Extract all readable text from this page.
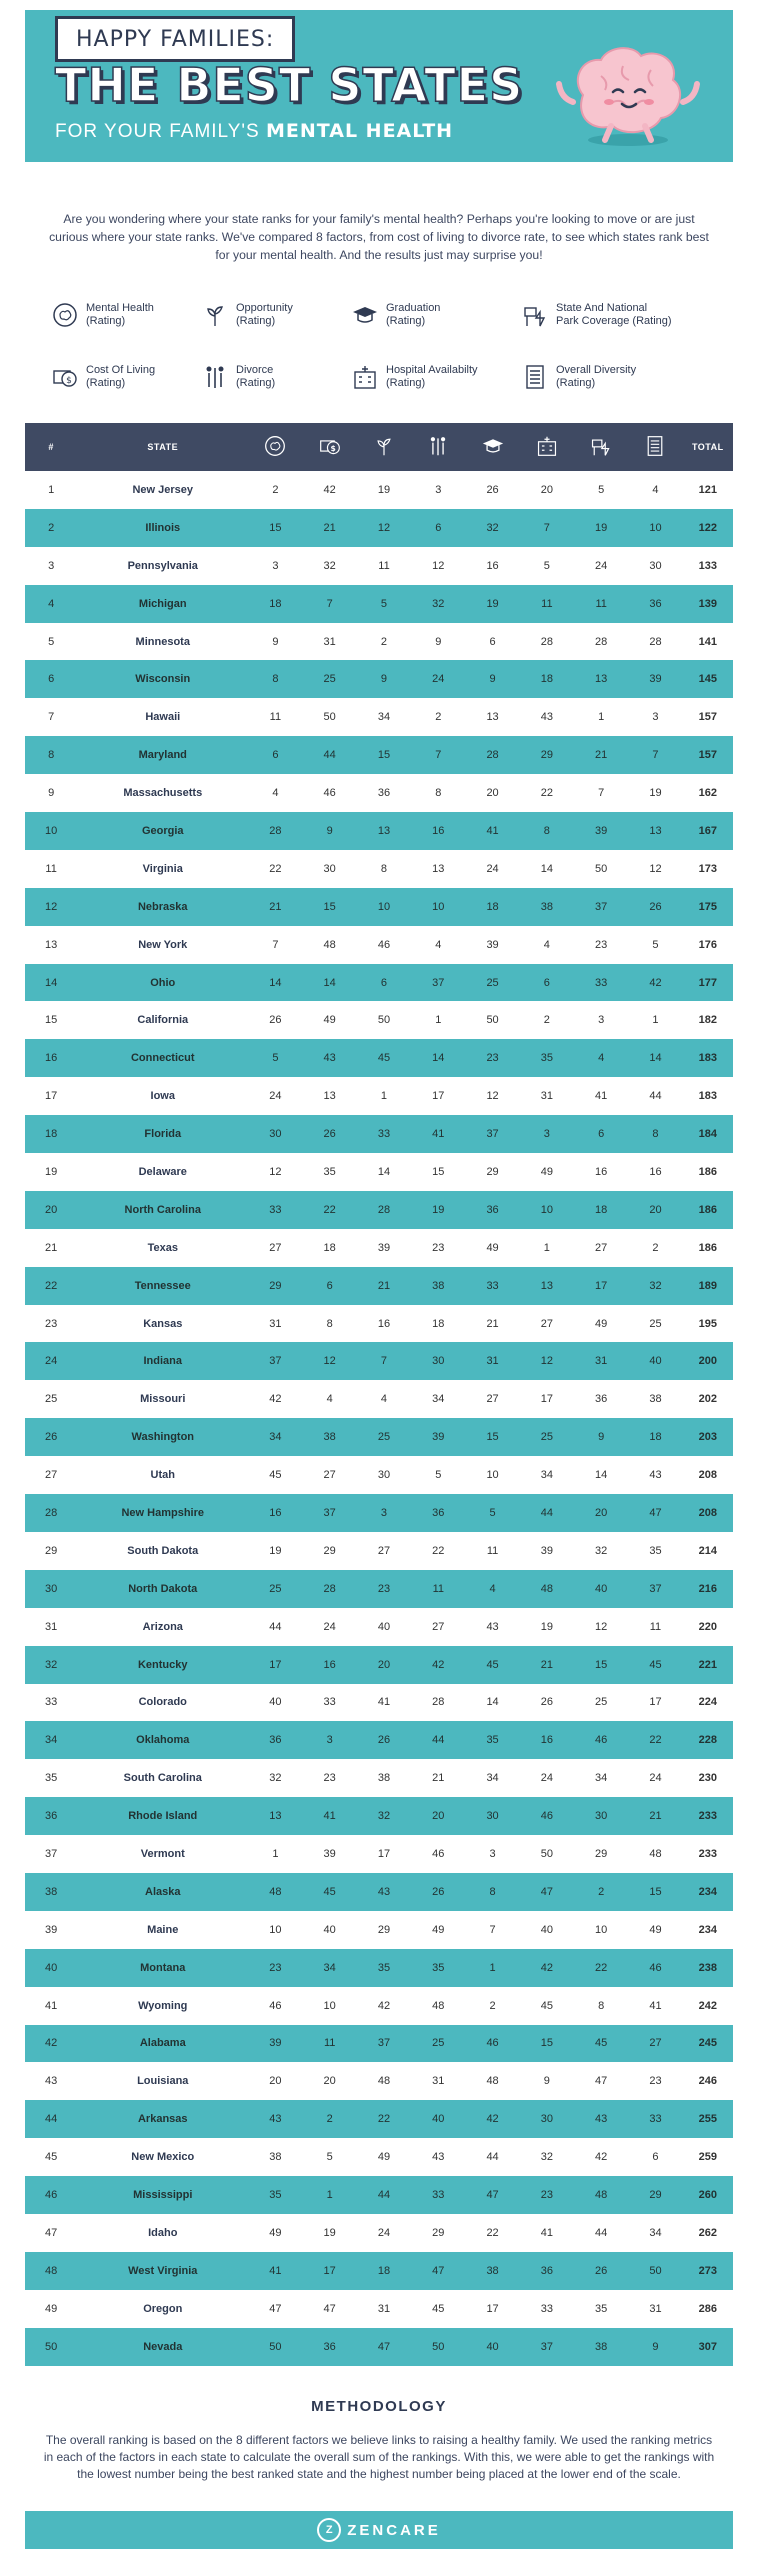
HAPPY FAMILIES:
THE BEST STATES
FOR YOUR FAMILY'S MENTAL HEALTH

Are you wondering where your state ranks for your family's mental health? Perhaps you're looking to move or are just curious where your state ranks. We've compared 8 factors, from cost of living to divorce rate, to see which states rank best for your mental health. And the results just may surprise you!

Mental Health
(Rating)
Opportunity
(Rating)
Graduation
(Rating)
State And National
Park Coverage (Rating)
$
Cost Of Living
(Rating)
Divorce
(Rating)
Hospital Availabilty
(Rating)
Overall Diversity
(Rating)
#	STATE		$							TOTAL
1	New Jersey	2	42	19	3	26	20	5	4	121
2	Illinois	15	21	12	6	32	7	19	10	122
3	Pennsylvania	3	32	11	12	16	5	24	30	133
4	Michigan	18	7	5	32	19	11	11	36	139
5	Minnesota	9	31	2	9	6	28	28	28	141
6	Wisconsin	8	25	9	24	9	18	13	39	145
7	Hawaii	11	50	34	2	13	43	1	3	157
8	Maryland	6	44	15	7	28	29	21	7	157
9	Massachusetts	4	46	36	8	20	22	7	19	162
10	Georgia	28	9	13	16	41	8	39	13	167
11	Virginia	22	30	8	13	24	14	50	12	173
12	Nebraska	21	15	10	10	18	38	37	26	175
13	New York	7	48	46	4	39	4	23	5	176
14	Ohio	14	14	6	37	25	6	33	42	177
15	California	26	49	50	1	50	2	3	1	182
16	Connecticut	5	43	45	14	23	35	4	14	183
17	Iowa	24	13	1	17	12	31	41	44	183
18	Florida	30	26	33	41	37	3	6	8	184
19	Delaware	12	35	14	15	29	49	16	16	186
20	North Carolina	33	22	28	19	36	10	18	20	186
21	Texas	27	18	39	23	49	1	27	2	186
22	Tennessee	29	6	21	38	33	13	17	32	189
23	Kansas	31	8	16	18	21	27	49	25	195
24	Indiana	37	12	7	30	31	12	31	40	200
25	Missouri	42	4	4	34	27	17	36	38	202
26	Washington	34	38	25	39	15	25	9	18	203
27	Utah	45	27	30	5	10	34	14	43	208
28	New Hampshire	16	37	3	36	5	44	20	47	208
29	South Dakota	19	29	27	22	11	39	32	35	214
30	North Dakota	25	28	23	11	4	48	40	37	216
31	Arizona	44	24	40	27	43	19	12	11	220
32	Kentucky	17	16	20	42	45	21	15	45	221
33	Colorado	40	33	41	28	14	26	25	17	224
34	Oklahoma	36	3	26	44	35	16	46	22	228
35	South Carolina	32	23	38	21	34	24	34	24	230
36	Rhode Island	13	41	32	20	30	46	30	21	233
37	Vermont	1	39	17	46	3	50	29	48	233
38	Alaska	48	45	43	26	8	47	2	15	234
39	Maine	10	40	29	49	7	40	10	49	234
40	Montana	23	34	35	35	1	42	22	46	238
41	Wyoming	46	10	42	48	2	45	8	41	242
42	Alabama	39	11	37	25	46	15	45	27	245
43	Louisiana	20	20	48	31	48	9	47	23	246
44	Arkansas	43	2	22	40	42	30	43	33	255
45	New Mexico	38	5	49	43	44	32	42	6	259
46	Mississippi	35	1	44	33	47	23	48	29	260
47	Idaho	49	19	24	29	22	41	44	34	262
48	West Virginia	41	17	18	47	38	36	26	50	273
49	Oregon	47	47	31	45	17	33	35	31	286
50	Nevada	50	36	47	50	40	37	38	9	307
METHODOLOGY

The overall ranking is based on the 8 different factors we believe links to raising a healthy family. We used the ranking metrics in each of the factors in each state to calculate the overall sum of the rankings. With this, we were able to get the rankings with the lowest number being the best ranked state and the highest number being placed at the lower end of the scale.

Z ZENCARE
